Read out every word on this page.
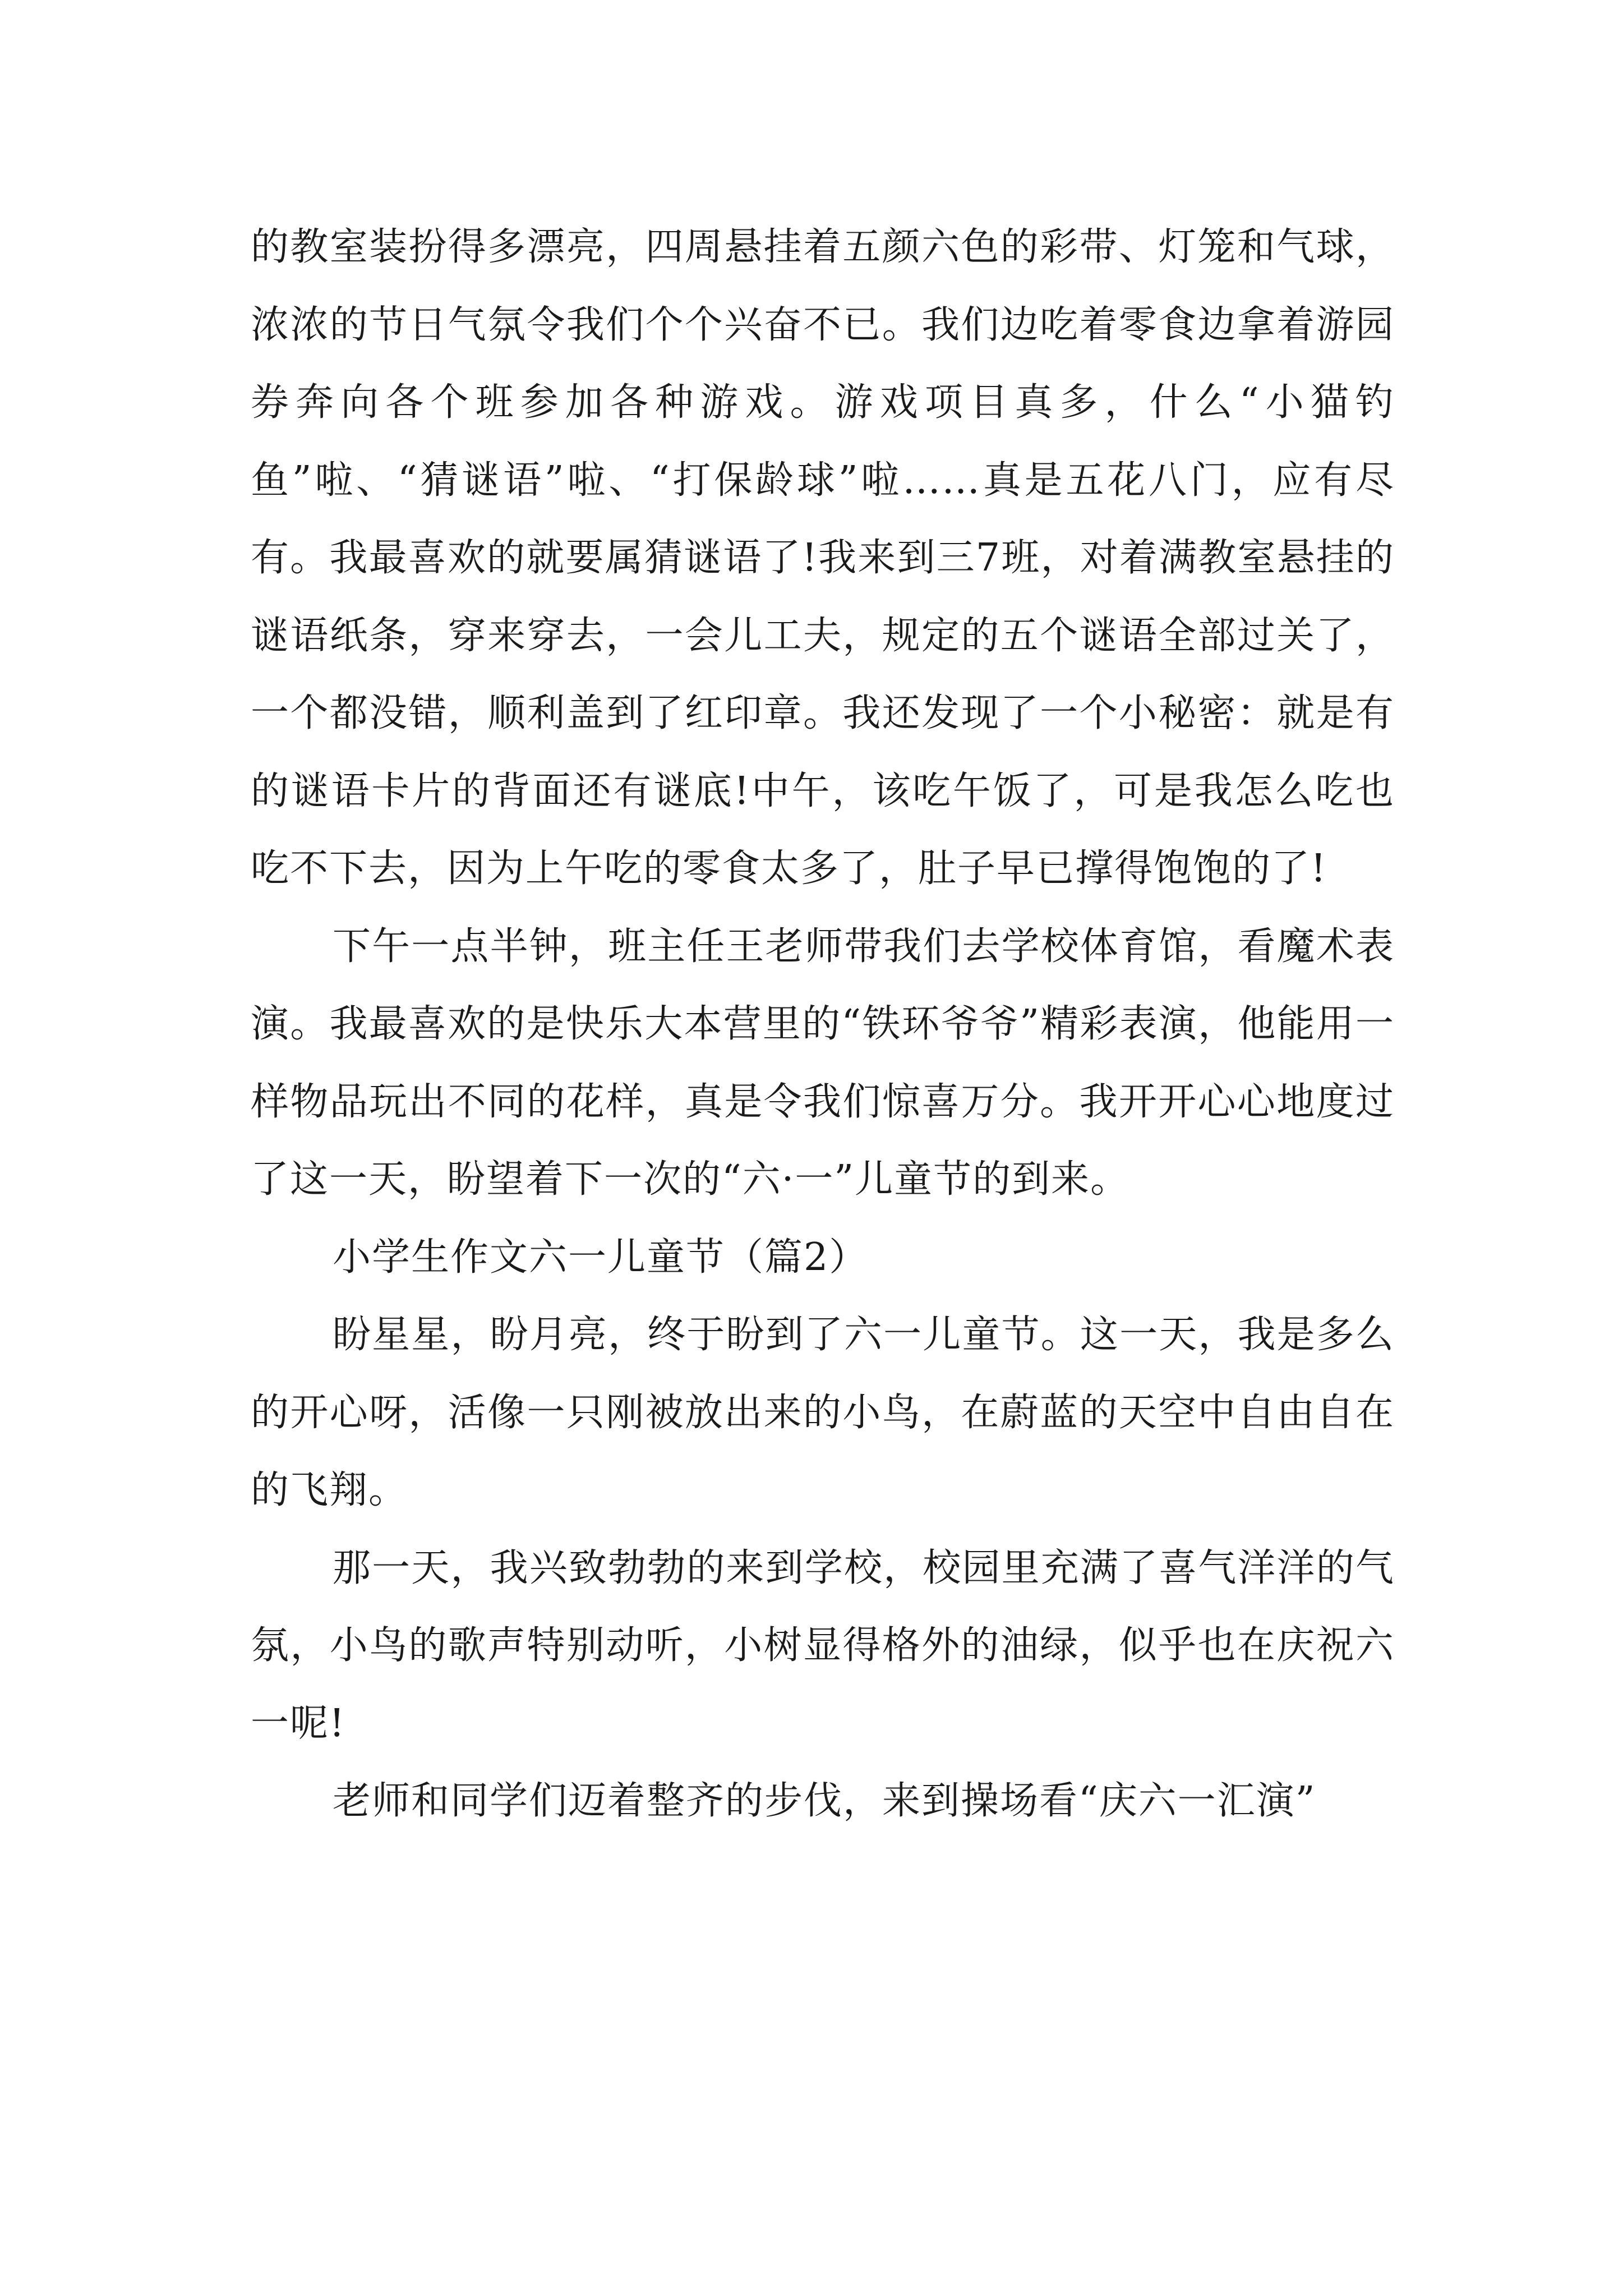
的教室装扮得多漂亮，四周悬挂着五颜六色的彩带、灯笼和气球，浓浓的节日气氛令我们个个兴奋不已。我们边吃着零食边拿着游园券奔向各个班参加各种游戏。游戏项目真多，什么“小猫钓鱼”啦、“猜谜语”啦、“打保龄球”啦……真是五花八门，应有尽有。我最喜欢的就要属猜谜语了!我来到三7班，对着满教室悬挂的谜语纸条，穿来穿去，一会儿工夫，规定的五个谜语全部过关了，一个都没错，顺利盖到了红印章。我还发现了一个小秘密：就是有的谜语卡片的背面还有谜底!中午，该吃午饭了，可是我怎么吃也吃不下去，因为上午吃的零食太多了，肚子早已撑得饱饱的了!

下午一点半钟，班主任王老师带我们去学校体育馆，看魔术表演。我最喜欢的是快乐大本营里的“铁环爷爷”精彩表演，他能用一样物品玩出不同的花样，真是令我们惊喜万分。我开开心心地度过了这一天，盼望着下一次的“六·一”儿童节的到来。

小学生作文六一儿童节（篇2）

盼星星，盼月亮，终于盼到了六一儿童节。这一天，我是多么的开心呀，活像一只刚被放出来的小鸟，在蔚蓝的天空中自由自在的飞翔。

那一天，我兴致勃勃的来到学校，校园里充满了喜气洋洋的气氛，小鸟的歌声特别动听，小树显得格外的油绿，似乎也在庆祝六一呢!

老师和同学们迈着整齐的步伐，来到操场看“庆六一汇演”
